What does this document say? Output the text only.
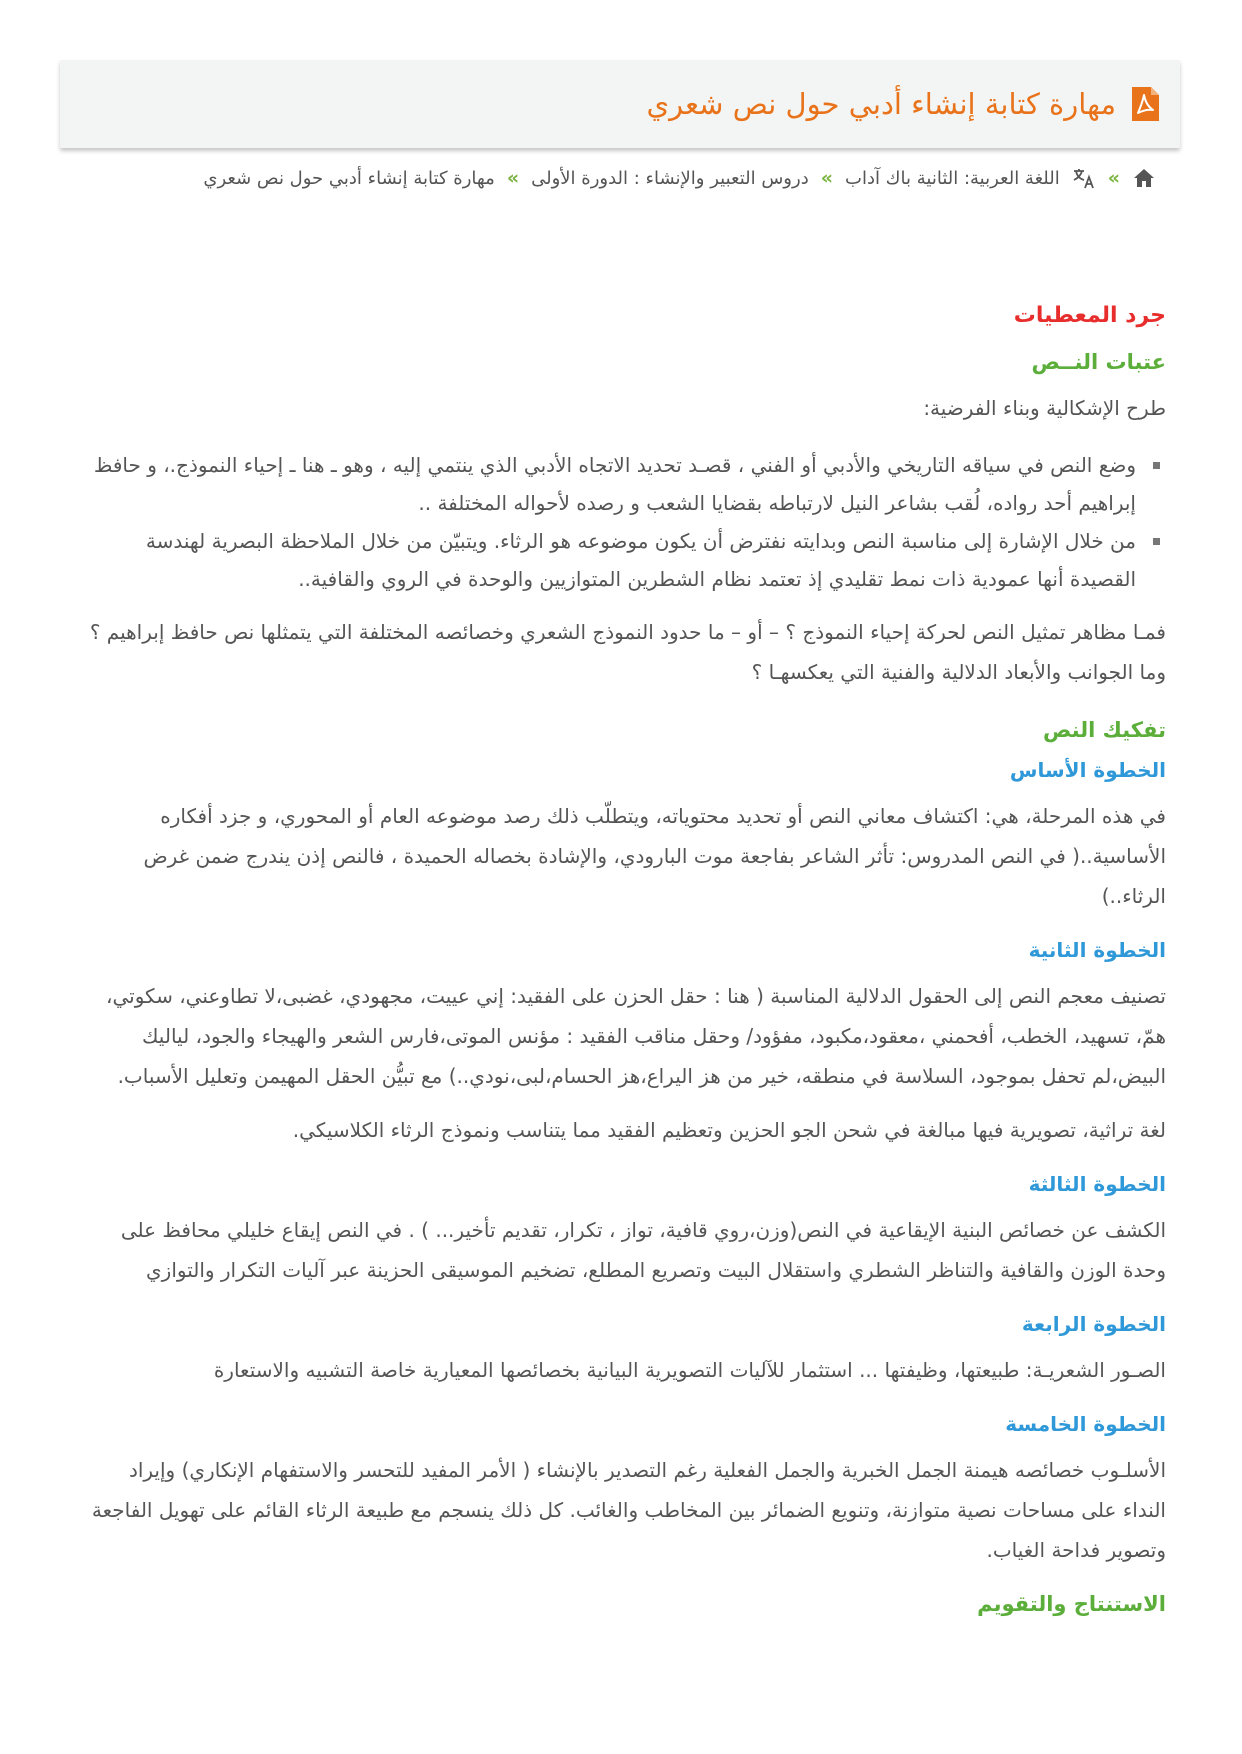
مهارة كتابة إنشاء أدبي حول نص شعري
»
اللغة العربية: الثانية باك آداب
»
دروس التعبير والإنشاء : الدورة الأولى
»
مهارة كتابة إنشاء أدبي حول نص شعري
جرد المعطيات
عتبات النــص

طرح الإشكالية وبناء الفرضية:

وضع النص في سياقه التاريخي والأدبي أو الفني ، قصـد تحديد الاتجاه الأدبي الذي ينتمي إليه ، وهو ـ هنا ـ إحياء النموذج.، و حافظ إبراهيم أحد رواده، لُقب بشاعر النيل لارتباطه بقضايا الشعب و رصده لأحواله المختلفة ..
من خلال الإشارة إلى مناسبة النص وبدايته نفترض أن يكون موضوعه هو الرثاء. ويتبيّن من خلال الملاحظة البصرية لهندسة القصيدة أنها عمودية ذات نمط تقليدي إذ تعتمد نظام الشطرين المتوازيين والوحدة في الروي والقافية..

فمـا مظاهر تمثيل النص لحركة إحياء النموذج ؟ – أو – ما حدود النموذج الشعري وخصائصه المختلفة التي يتمثلها نص حافظ إبراهيم ؟ وما الجوانب والأبعاد الدلالية والفنية التي يعكسهـا ؟

تفكيك النص
الخطوة الأساس

في هذه المرحلة، هي: اكتشاف معاني النص أو تحديد محتوياته، ويتطلّب ذلك رصد موضوعه العام أو المحوري، و جزد أفكاره الأساسية..( في النص المدروس: تأثر الشاعر بفاجعة موت البارودي، والإشادة بخصاله الحميدة ، فالنص إذن يندرج ضمن غرض الرثاء..)

الخطوة الثانية

تصنيف معجم النص إلى الحقول الدلالية المناسبة ( هنا : حقل الحزن على الفقيد: إني عييت، مجهودي، غضبى،لا تطاوعني، سكوتي، همّ، تسهيد، الخطب، أفحمني ،معقود،مكبود، مفؤود/ وحقل مناقب الفقيد : مؤنس الموتى،فارس الشعر والهيجاء والجود، لياليك البيض،لم تحفل بموجود، السلاسة في منطقه، خير من هز اليراع،هز الحسام،لبى،نودي..) مع تبيُّن الحقل المهيمن وتعليل الأسباب.

لغة تراثية، تصويرية فيها مبالغة في شحن الجو الحزين وتعظيم الفقيد مما يتناسب ونموذج الرثاء الكلاسيكي.

الخطوة الثالثة

الكشف عن خصائص البنية الإيقاعية في النص(وزن،روي قافية، تواز ، تكرار، تقديم تأخير... ) . في النص إيقاع خليلي محافظ على وحدة الوزن والقافية والتناظر الشطري واستقلال البيت وتصريع المطلع، تضخيم الموسيقى الحزينة عبر آليات التكرار والتوازي

الخطوة الرابعة

الصـور الشعريـة: طبيعتها، وظيفتها ... استثمار للآليات التصويرية البيانية بخصائصها المعيارية خاصة التشبيه والاستعارة

الخطوة الخامسة

الأسلـوب خصائصه هيمنة الجمل الخبرية والجمل الفعلية رغم التصدير بالإنشاء ( الأمر المفيد للتحسر والاستفهام الإنكاري) وإيراد النداء على مساحات نصية متوازنة، وتنويع الضمائر بين المخاطب والغائب. كل ذلك ينسجم مع طبيعة الرثاء القائم على تهويل الفاجعة وتصوير فداحة الغياب.

الاستنتاج والتقويم
